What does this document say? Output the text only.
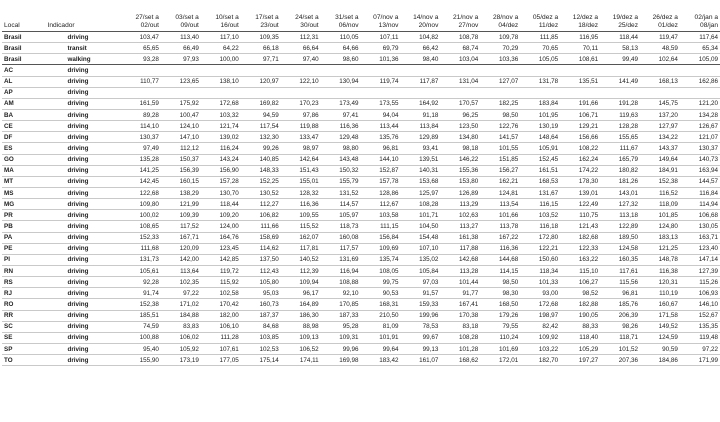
Local	Indicador	27/set a 02/out	03/set a 09/out	10/set a 16/out	17/set a 23/out	24/set a 30/out	31/set a 06/nov	07/nov a 13/nov	14/nov a 20/nov	21/nov a 27/nov	28/nov a 04/dez	05/dez a 11/dez	12/dez a 18/dez	19/dez a 25/dez	26/dez a 01/dez	02/jan a 08/jan
Brasil	driving	103,47	113,40	117,10	109,35	112,31	110,05	107,11	104,82	108,78	109,78	111,85	116,95	118,44	119,47	117,64
Brasil	transit	65,65	66,49	64,22	66,18	66,64	64,66	69,79	66,42	68,74	70,29	70,65	70,11	58,13	48,59	65,34
Brasil	walking	93,28	97,93	100,00	97,71	97,40	98,60	101,36	98,40	103,04	103,36	105,05	108,61	99,49	102,64	105,09
AC	driving															
AL	driving	110,77	123,65	138,10	120,97	122,10	130,94	119,74	117,87	131,04	127,07	131,78	135,51	141,49	168,13	162,86
AP	driving															
AM	driving	161,59	175,92	172,68	169,82	170,23	173,49	173,55	164,92	170,57	182,25	183,84	191,66	191,28	145,75	121,20
BA	driving	89,28	100,47	103,32	94,59	97,86	97,41	94,04	91,18	96,25	98,50	101,95	106,71	119,63	137,20	134,28
CE	driving	114,10	124,10	121,74	117,54	119,88	116,36	113,44	113,84	123,50	122,76	130,19	129,21	128,28	127,97	126,67
DF	driving	130,37	147,10	139,02	132,30	133,47	129,48	135,76	129,89	134,80	141,57	148,64	156,66	155,65	134,22	121,07
ES	driving	97,49	112,12	116,24	99,26	98,97	98,80	96,81	93,41	98,18	101,55	105,91	108,22	111,67	143,37	130,37
GO	driving	135,28	150,37	143,24	140,85	142,64	143,48	144,10	139,51	146,22	151,85	152,45	162,24	165,79	149,64	140,73
MA	driving	141,25	156,39	156,90	148,33	151,43	150,32	152,87	140,31	155,36	156,27	161,51	174,22	180,82	184,91	163,94
MT	driving	142,45	160,15	157,28	152,25	155,01	155,79	157,78	153,68	153,80	162,21	168,53	178,30	181,26	152,38	144,57
MS	driving	122,68	138,29	130,70	130,52	128,32	131,52	128,86	125,97	126,89	124,81	131,67	139,01	143,01	116,52	116,84
MG	driving	109,80	121,99	118,44	112,27	116,36	114,57	112,67	108,28	113,29	113,54	116,15	122,49	127,32	118,09	114,94
PR	driving	100,02	109,39	109,20	106,82	109,55	105,97	103,58	101,71	102,63	101,66	103,52	110,75	113,18	101,85	106,68
PB	driving	108,65	117,52	124,00	111,66	115,52	118,73	111,15	104,50	113,27	113,78	116,18	121,43	122,89	124,80	130,05
PA	driving	152,33	167,71	164,76	158,69	162,07	160,08	156,84	154,48	161,38	167,22	172,80	182,68	189,50	183,13	163,71
PE	driving	111,68	120,09	123,45	114,62	117,81	117,57	109,69	107,10	117,88	116,36	122,21	122,33	124,58	121,25	123,40
PI	driving	131,73	142,00	142,85	137,50	140,52	131,69	135,74	135,02	142,68	144,68	150,60	163,22	160,35	148,78	147,14
RN	driving	105,61	113,64	119,72	112,43	112,39	116,94	108,05	105,84	113,28	114,15	118,34	115,10	117,61	116,38	127,39
RS	driving	92,28	102,35	115,92	105,80	109,94	108,88	99,75	97,03	101,44	98,50	101,33	106,27	115,56	120,31	115,26
RJ	driving	91,74	97,22	102,58	95,03	96,17	92,10	90,53	91,57	91,77	98,30	93,00	98,52	96,81	110,19	106,93
RO	driving	152,38	171,02	170,42	160,73	164,89	170,85	168,31	159,33	167,41	168,50	172,68	182,88	185,76	160,67	146,10
RR	driving	185,51	184,88	182,00	187,37	186,30	187,33	210,50	199,96	170,38	179,26	198,97	190,05	206,39	171,58	152,67
SC	driving	74,59	83,83	106,10	84,68	88,98	95,28	81,09	78,53	83,18	79,55	82,42	88,33	98,26	149,52	135,35
SE	driving	100,88	106,02	111,28	103,85	109,13	109,31	101,91	99,67	108,28	110,24	109,92	118,40	118,71	124,59	119,48
SP	driving	95,40	105,92	107,61	102,53	106,52	99,96	99,64	99,13	101,28	101,69	103,22	105,29	101,52	90,59	97,22
TO	driving	155,90	173,19	177,05	175,14	174,11	169,98	183,42	161,07	168,62	172,01	182,70	197,27	207,36	184,86	171,99
